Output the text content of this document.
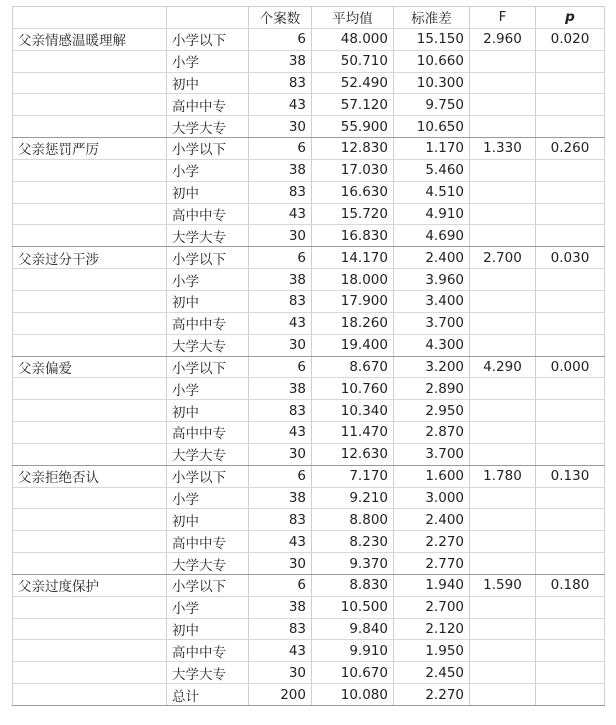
		个案数	平均值	标准差	F	p
父亲情感温暖理解	小学以下	6	48.000	15.150	2.960	0.020
	小学	38	50.710	10.660		
	初中	83	52.490	10.300		
	高中中专	43	57.120	9.750		
	大学大专	30	55.900	10.650		
父亲惩罚严厉	小学以下	6	12.830	1.170	1.330	0.260
	小学	38	17.030	5.460		
	初中	83	16.630	4.510		
	高中中专	43	15.720	4.910		
	大学大专	30	16.830	4.690		
父亲过分干涉	小学以下	6	14.170	2.400	2.700	0.030
	小学	38	18.000	3.960		
	初中	83	17.900	3.400		
	高中中专	43	18.260	3.700		
	大学大专	30	19.400	4.300		
父亲偏爱	小学以下	6	8.670	3.200	4.290	0.000
	小学	38	10.760	2.890		
	初中	83	10.340	2.950		
	高中中专	43	11.470	2.870		
	大学大专	30	12.630	3.700		
父亲拒绝否认	小学以下	6	7.170	1.600	1.780	0.130
	小学	38	9.210	3.000		
	初中	83	8.800	2.400		
	高中中专	43	8.230	2.270		
	大学大专	30	9.370	2.770		
父亲过度保护	小学以下	6	8.830	1.940	1.590	0.180
	小学	38	10.500	2.700		
	初中	83	9.840	2.120		
	高中中专	43	9.910	1.950		
	大学大专	30	10.670	2.450		
	总计	200	10.080	2.270		
